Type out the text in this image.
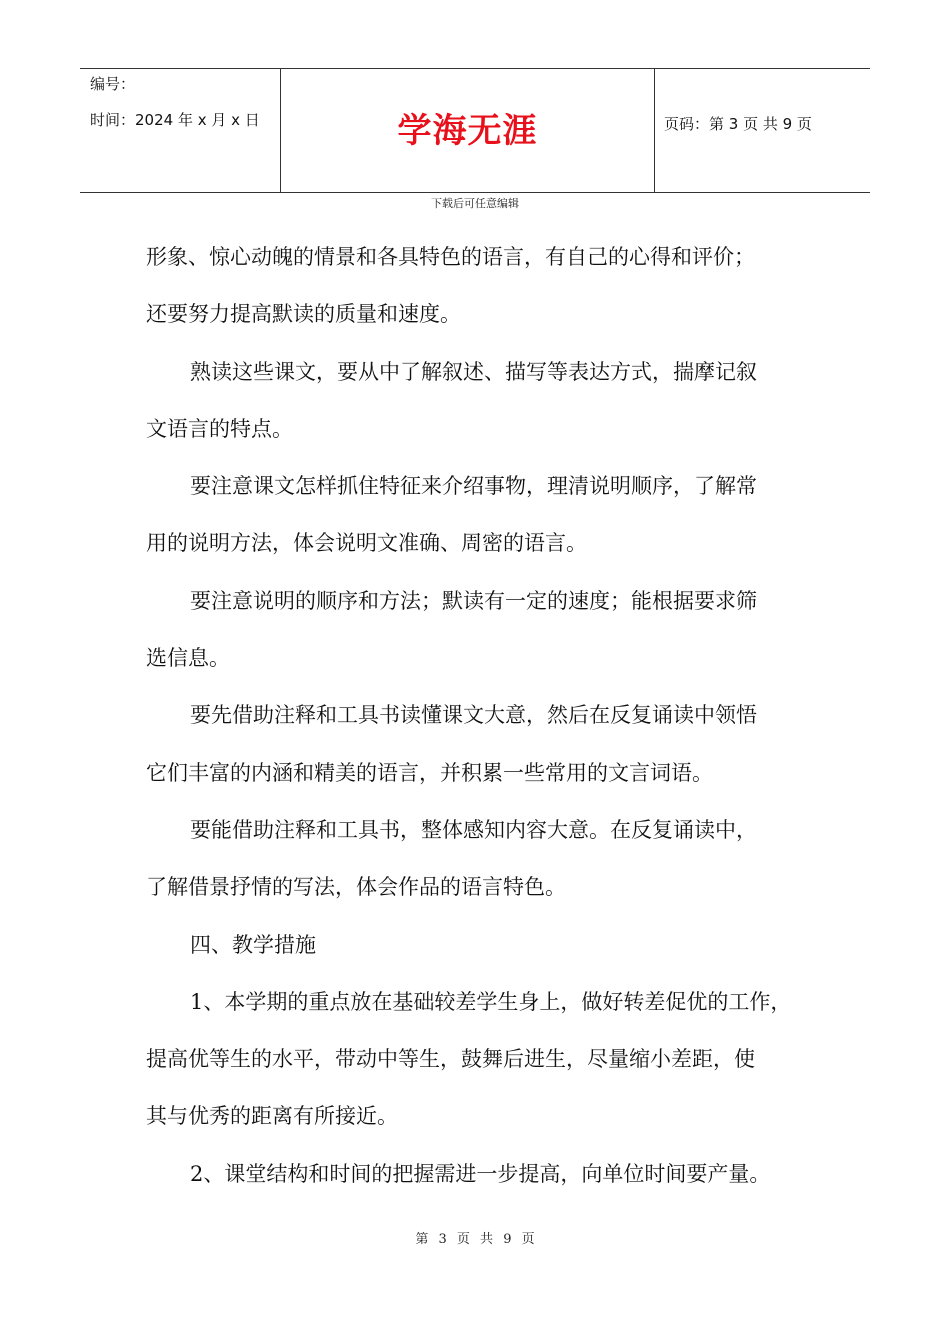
编号：
时间：2024 年 x 月 x 日	学海无涯	页码：第 3 页 共 9 页
下载后可任意编辑
形象、惊心动魄的情景和各具特色的语言，有自己的心得和评价；
还要努力提高默读的质量和速度。
熟读这些课文，要从中了解叙述、描写等表达方式，揣摩记叙
文语言的特点。
要注意课文怎样抓住特征来介绍事物，理清说明顺序，了解常
用的说明方法，体会说明文准确、周密的语言。
要注意说明的顺序和方法；默读有一定的速度；能根据要求筛
选信息。
要先借助注释和工具书读懂课文大意，然后在反复诵读中领悟
它们丰富的内涵和精美的语言，并积累一些常用的文言词语。
要能借助注释和工具书，整体感知内容大意。在反复诵读中，
了解借景抒情的写法，体会作品的语言特色。
四、教学措施
1、本学期的重点放在基础较差学生身上，做好转差促优的工作，
提高优等生的水平，带动中等生，鼓舞后进生，尽量缩小差距，使
其与优秀的距离有所接近。
2、课堂结构和时间的把握需进一步提高，向单位时间要产量。
第 3 页 共 9 页
